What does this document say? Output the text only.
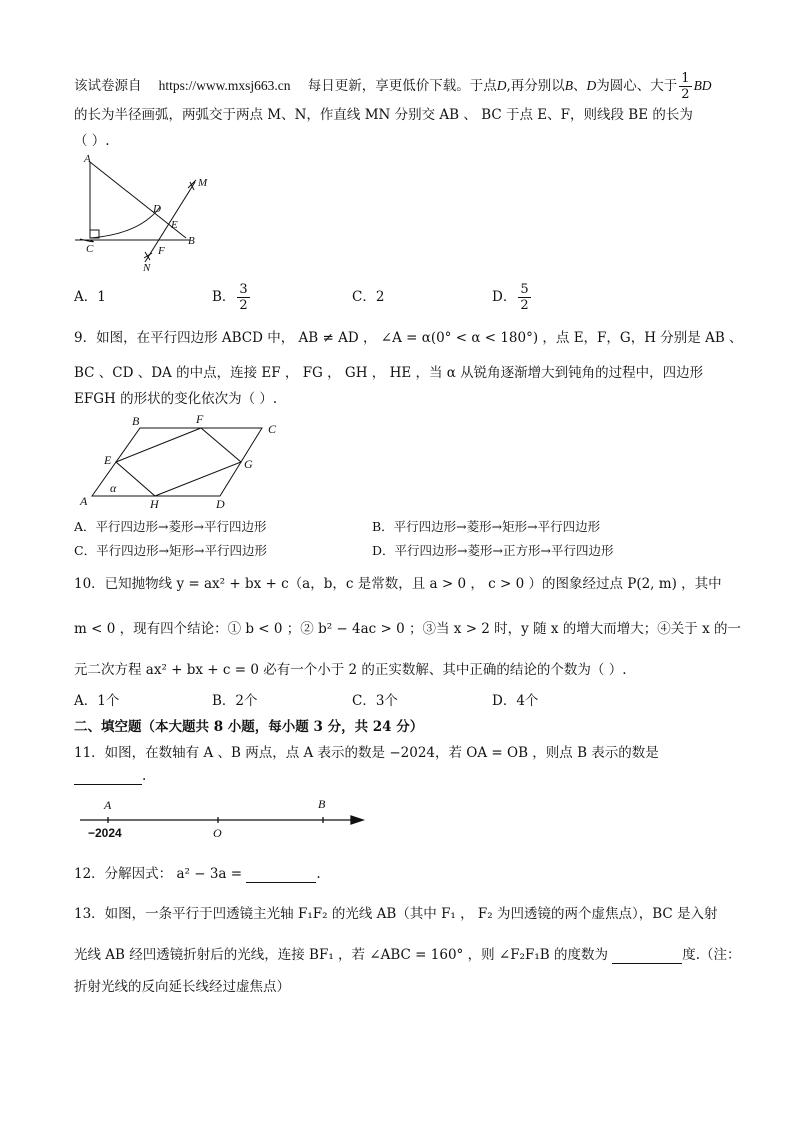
该试卷源自 https://www.mxsj663.cn 每日更新，享更低价下载。于点D,再分别以B、D为圆心、大于 $\frac{1}{2}$ BD
的长为半径画弧，两弧交于两点 M、N，作直线 MN 分别交 AB 、 BC 于点 E、F，则线段 BE 的长为
（ ）.
A
M
D
E
C	F
B
N
A．1	B． $\frac{3}{2}$	C．2	D． $\frac{5}{2}$
9．如图，在平行四边形 ABCD 中， AB ≠ AD ， ∠A = α(0° < α < 180°) ，点 E，F，G，H 分别是 AB 、
BC 、CD 、DA 的中点，连接 EF ， FG ， GH ， HE ，当 α 从锐角逐渐增大到钝角的过程中，四边形
EFGH 的形状的变化依次为（ ）.
B	F
C
E	G
A
α
H	D
A．平行四边形→菱形→平行四边形	B．平行四边形→菱形→矩形→平行四边形
C．平行四边形→矩形→平行四边形	D．平行四边形→菱形→正方形→平行四边形
10．已知抛物线 y = ax² + bx + c（a，b，c 是常数，且 a > 0 ， c > 0 ）的图象经过点 P(2, m) ，其中
m < 0 ，现有四个结论：① b < 0 ；② b² − 4ac > 0 ；③当 x > 2 时，y 随 x 的增大而增大；④关于 x 的一
元二次方程 ax² + bx + c = 0 必有一个小于 2 的正实数解、其中正确的结论的个数为（ ）.
A．1个	B．2个	C．3个	D．4个
二、填空题（本大题共 8 小题，每小题 3 分，共 24 分）
11．如图，在数轴有 A 、B 两点，点 A 表示的数是 −2024，若 OA = OB ，则点 B 表示的数是
.
A	B
−2024	O
12．分解因式： a² − 3a =	.
13．如图，一条平行于凹透镜主光轴 F₁F₂ 的光线 AB（其中 F₁ ， F₂ 为凹透镜的两个虚焦点），BC 是入射
光线 AB 经凹透镜折射后的光线，连接 BF₁ ，若 ∠ABC = 160° ，则 ∠F₂F₁B 的度数为	度.（注：
折射光线的反向延长线经过虚焦点）
